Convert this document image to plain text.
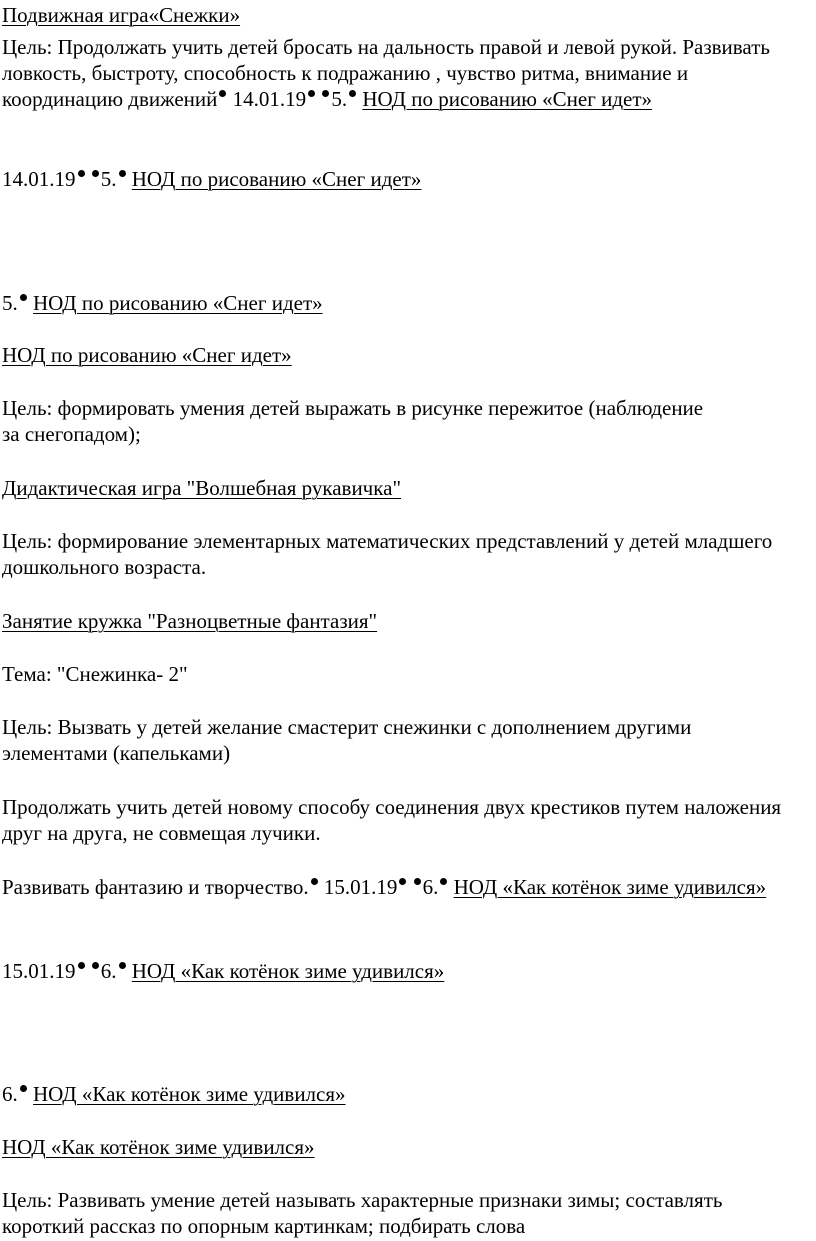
Подвижная игра«Снежки»

Цель: Продолжать учить детей бросать на дальность правой и левой рукой. Развивать ловкость, быстроту, способность к подражанию , чувство ритма, внимание и координацию движений 14.01.19 5. НОД по рисованию «Снег идет»

14.01.19 5. НОД по рисованию «Снег идет»

5. НОД по рисованию «Снег идет»

НОД по рисованию «Снег идет»

Цель: формировать умения детей выражать в рисунке пережитое (наблюдение за снегопадом);

Дидактическая игра "Волшебная рукавичка"

Цель: формирование элементарных математических представлений у детей младшего дошкольного возраста.

Занятие кружка "Разноцветные фантазия"

Тема: "Снежинка- 2"

Цель: Вызвать у детей желание смастерит снежинки с дополнением другими элементами (капельками)

Продолжать учить детей новому способу соединения двух крестиков путем наложения друг на друга, не совмещая лучики.

Развивать фантазию и творчество. 15.01.19 6. НОД «Как котёнок зиме удивился»

15.01.19 6. НОД «Как котёнок зиме удивился»

6. НОД «Как котёнок зиме удивился»

НОД «Как котёнок зиме удивился»

Цель: Развивать умение детей называть характерные признаки зимы; составлять короткий рассказ по опорным картинкам; подбирать слова
